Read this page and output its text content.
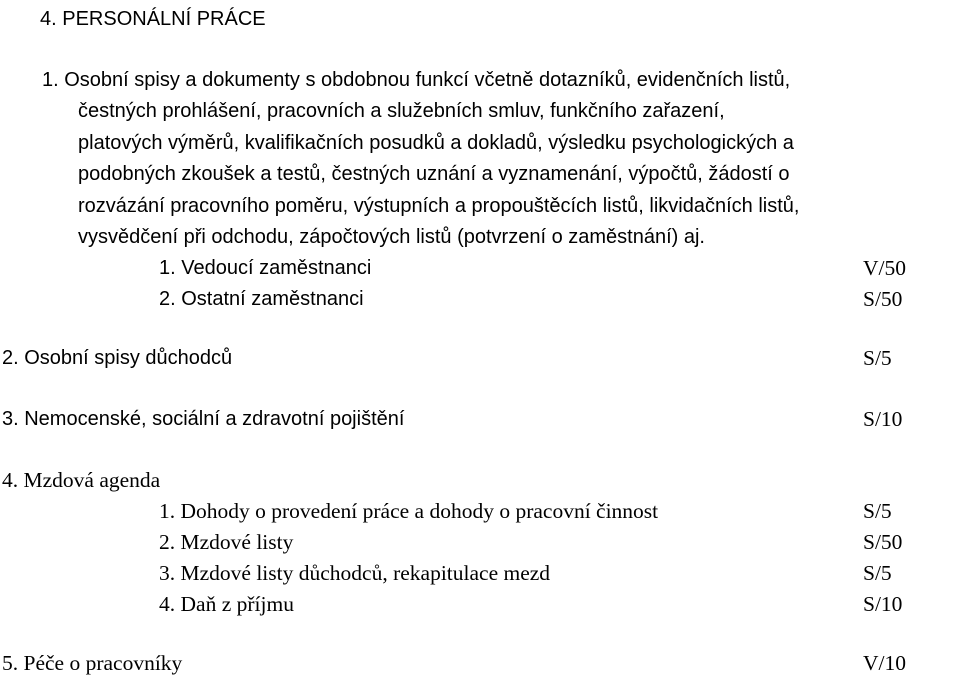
4. PERSONÁLNÍ PRÁCE
1. Osobní spisy a dokumenty s obdobnou funkcí včetně dotazníků, evidenčních listů,
čestných prohlášení, pracovních a služebních smluv, funkčního zařazení,
platových výměrů, kvalifikačních posudků a dokladů, výsledku psychologických a
podobných zkoušek a testů, čestných uznání a vyznamenání, výpočtů, žádostí o
rozvázání pracovního poměru, výstupních a propouštěcích listů, likvidačních listů,
vysvědčení při odchodu, zápočtových listů (potvrzení o zaměstnání) aj.
1. Vedoucí zaměstnanci	V/50
2. Ostatní zaměstnanci	S/50
2. Osobní spisy důchodců	S/5
3. Nemocenské, sociální a zdravotní pojištění	S/10
4. Mzdová agenda
1. Dohody o provedení práce a dohody o pracovní činnost	S/5
2. Mzdové listy	S/50
3. Mzdové listy důchodců, rekapitulace mezd	S/5
4. Daň z příjmu	S/10
5. Péče o pracovníky	V/10
